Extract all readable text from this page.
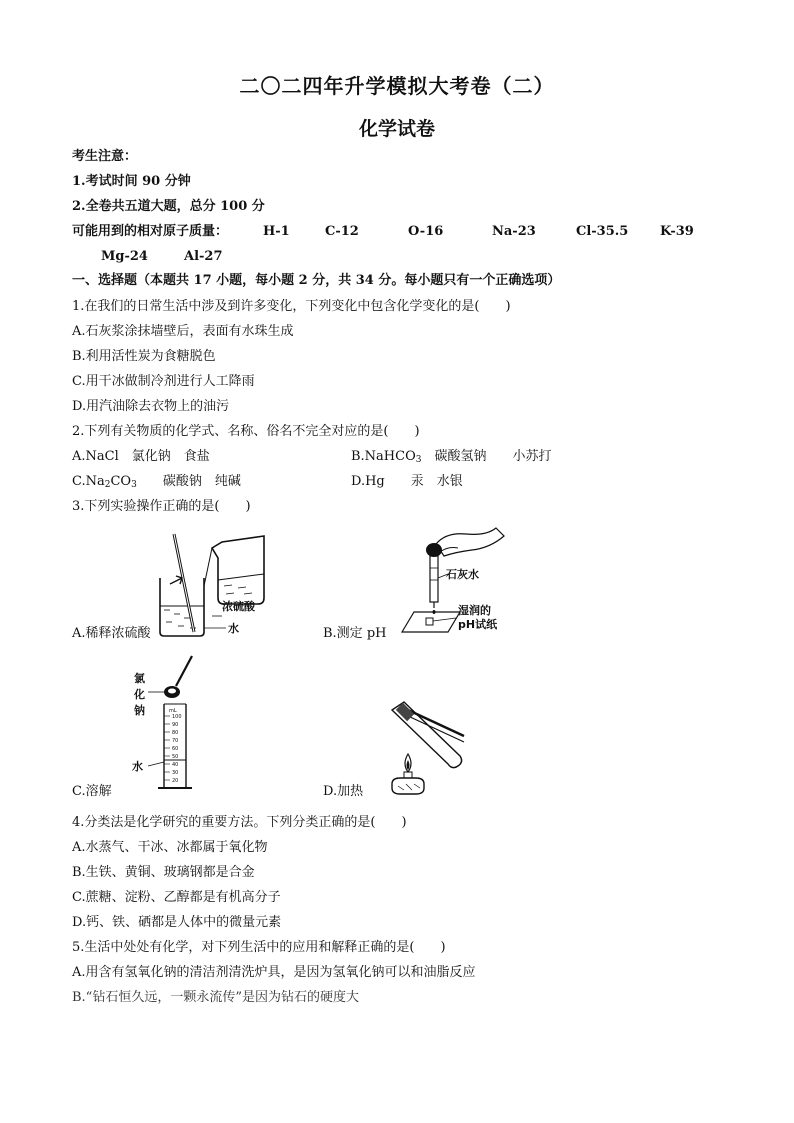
二〇二四年升学模拟大考卷（二）
化学试卷
考生注意：
1.考试时间 90 分钟
2.全卷共五道大题，总分 100 分
可能用到的相对原子质量：	H-1	C-12	O-16	Na-23	Cl-35.5 K-39
Mg-24	Al-27
一、选择题（本题共 17 小题，每小题 2 分，共 34 分。每小题只有一个正确选项）
1.在我们的日常生活中涉及到许多变化，下列变化中包含化学变化的是(　　)
A.石灰浆涂抹墙壁后，表面有水珠生成
B.利用活性炭为食糖脱色
C.用干冰做制冷剂进行人工降雨
D.用汽油除去衣物上的油污
2.下列有关物质的化学式、名称、俗名不完全对应的是(　　)
A.NaCl　氯化钠　食盐	B.NaHCO$_3$　碳酸氢钠　　小苏打
$C.Na_2CO_3$　　碳酸钠　纯碱	D.Hg　　汞　水银
3.下列实验操作正确的是(　　)
浓硫酸
水
A.稀释浓硫酸
石灰水
湿润的
pH试纸
B.测定 pH
氯
化
钠	mL
100
90
80
70
60
50
40
30
20
水
C.溶解	D.加热
4.分类法是化学研究的重要方法。下列分类正确的是(　　)
A.水蒸气、干冰、冰都属于氧化物
B.生铁、黄铜、玻璃钢都是合金
C.蔗糖、淀粉、乙醇都是有机高分子
D.钙、铁、硒都是人体中的微量元素
5.生活中处处有化学，对下列生活中的应用和解释正确的是(　　)
A.用含有氢氧化钠的清洁剂清洗炉具，是因为氢氧化钠可以和油脂反应
B.“钻石恒久远，一颗永流传”是因为钻石的硬度大
